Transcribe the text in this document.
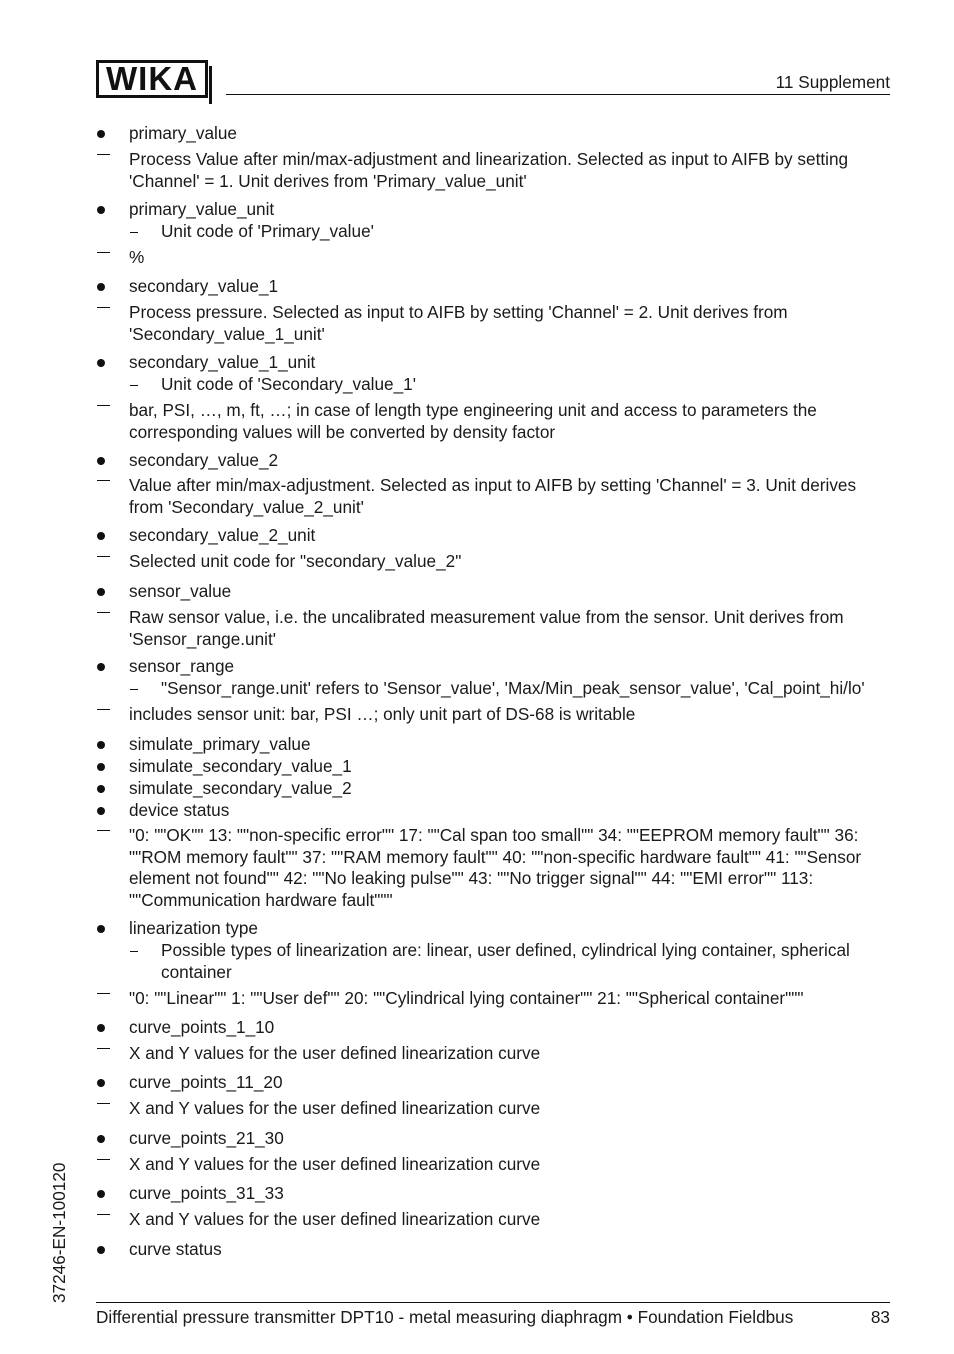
WIKA	11 Supplement
37246-EN-100120
primary_value
Process Value after min/max-adjustment and linearization. Selected as input to AIFB by setting 'Channel' = 1. Unit derives from 'Primary_value_unit'
primary_value_unit
Unit code of 'Primary_value'
%
secondary_value_1
Process pressure. Selected as input to AIFB by setting 'Channel' = 2. Unit derives from 'Secondary_value_1_unit'
secondary_value_1_unit
Unit code of 'Secondary_value_1'
bar, PSI, …, m, ft, …; in case of length type engineering unit and access to parameters the corresponding values will be converted by density factor
secondary_value_2
Value after min/max-adjustment. Selected as input to AIFB by setting 'Channel' = 3. Unit derives from 'Secondary_value_2_unit'
secondary_value_2_unit
Selected unit code for "secondary_value_2"
sensor_value
Raw sensor value, i.e. the uncalibrated measurement value from the sensor. Unit derives from 'Sensor_range.unit'
sensor_range
"Sensor_range.unit' refers to 'Sensor_value', 'Max/Min_peak_sensor_value', 'Cal_point_hi/lo'
includes sensor unit: bar, PSI …; only unit part of DS-68 is writable
simulate_primary_value
simulate_secondary_value_1
simulate_secondary_value_2
device status
"0: ""OK"" 13: ""non-specific error"" 17: ""Cal span too small"" 34: ""EEPROM memory fault"" 36: ""ROM memory fault"" 37: ""RAM memory fault"" 40: ""non-specific hardware fault"" 41: ""Sensor element not found"" 42: ""No leaking pulse"" 43: ""No trigger signal"" 44: ""EMI error"" 113: ""Communication hardware fault"""
linearization type
Possible types of linearization are: linear, user defined, cylindrical lying container, spherical container
"0: ""Linear"" 1: ""User def"" 20: ""Cylindrical lying container"" 21: ""Spherical container"""
curve_points_1_10
X and Y values for the user defined linearization curve
curve_points_11_20
X and Y values for the user defined linearization curve
curve_points_21_30
X and Y values for the user defined linearization curve
curve_points_31_33
X and Y values for the user defined linearization curve
curve status
Differential pressure transmitter DPT10 - metal measuring diaphragm • Foundation Fieldbus	83
